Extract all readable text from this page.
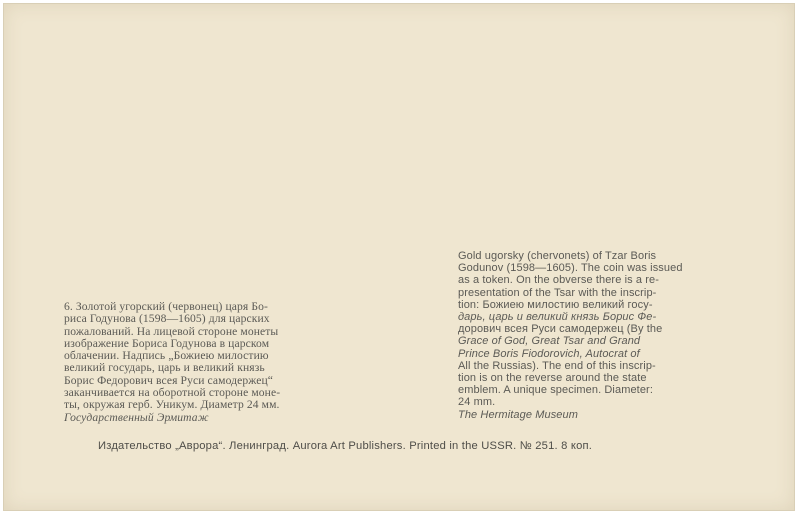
6. Золотой угорский (червонец) царя Бо-
риса Годунова (1598—1605) для царских
пожалований. На лицевой стороне монеты
изображение Бориса Годунова в царском
облачении. Надпись „Божиею милостию
великий государь, царь и великий князь
Борис Федорович всея Руси самодержец“
заканчивается на оборотной стороне моне-
ты, окружая герб. Уникум. Диаметр 24 мм.
Государственный Эрмитаж
Gold ugorsky (chervonets) of Tzar Boris
Godunov (1598—1605). The coin was issued
as a token. On the obverse there is a re-
presentation of the Tsar with the inscrip-
tion: Божиею милостию великий госу-
дарь, царь и великий князь Борис Фе-
дорович всея Руси самодержец (By the
Grace of God, Great Tsar and Grand
Prince Boris Fiodorovich, Autocrat of
All the Russias). The end of this inscrip-
tion is on the reverse around the state
emblem. A unique specimen. Diameter:
24 mm.
The Hermitage Museum
Издательство „Аврора“. Ленинград. Aurora Art Publishers. Printed in the USSR. № 251. 8 коп.
